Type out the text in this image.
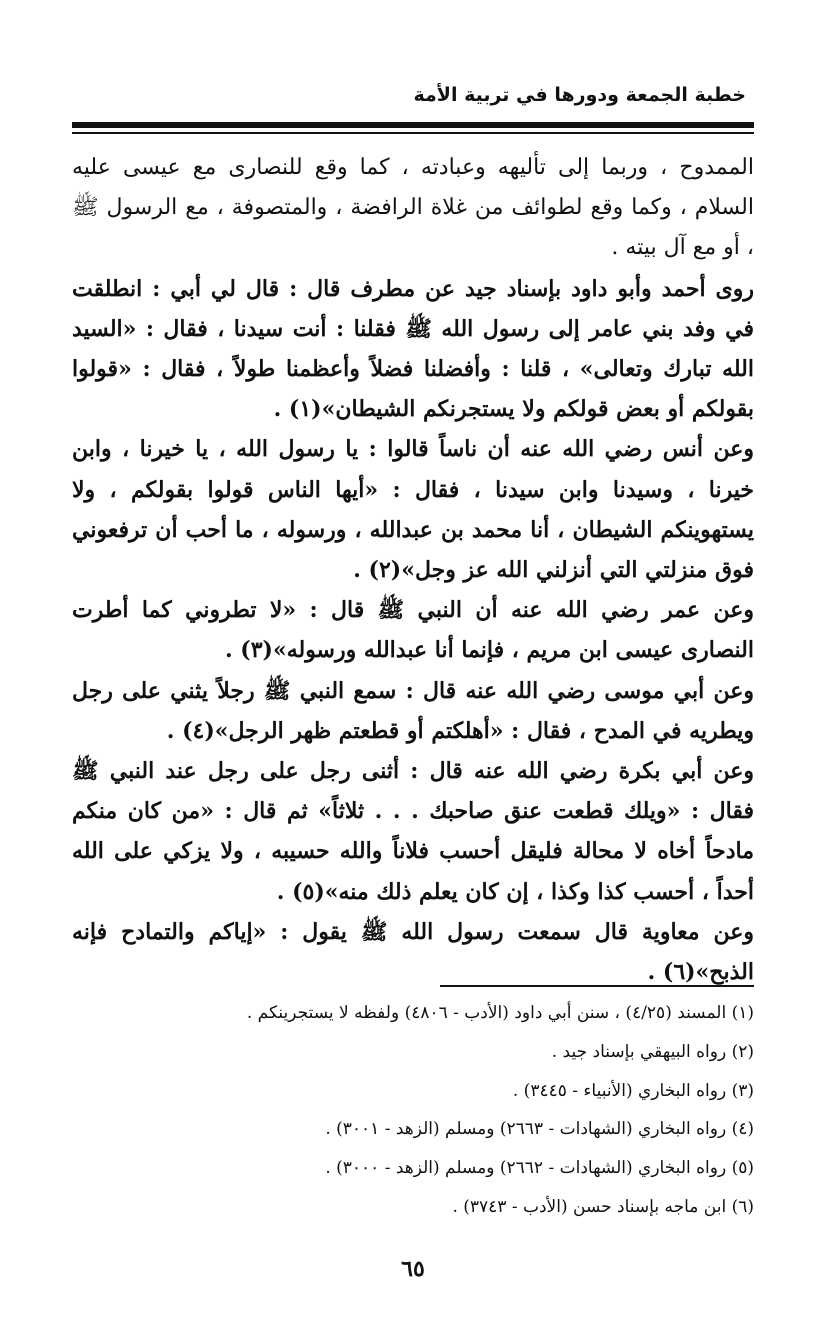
خطبة الجمعة ودورها في تربية الأمة

الممدوح ، وربما إلى تأليهه وعبادته ، كما وقع للنصارى مع عيسى عليه السلام ، وكما وقع لطوائف من غلاة الرافضة ، والمتصوفة ، مع الرسول ﷺ ، أو مع آل بيته .

روى أحمد وأبو داود بإسناد جيد عن مطرف قال : قال لي أبي : انطلقت في وفد بني عامر إلى رسول الله ﷺ فقلنا : أنت سيدنا ، فقال : «السيد الله تبارك وتعالى» ، قلنا : وأفضلنا فضلاً وأعظمنا طولاً ، فقال : «قولوا بقولكم أو بعض قولكم ولا يستجرنكم الشيطان»(١) .

وعن أنس رضي الله عنه أن ناساً قالوا : يا رسول الله ، يا خيرنا ، وابن خيرنا ، وسيدنا وابن سيدنا ، فقال : «أيها الناس قولوا بقولكم ، ولا يستهوينكم الشيطان ، أنا محمد بن عبدالله ، ورسوله ، ما أحب أن ترفعوني فوق منزلتي التي أنزلني الله عز وجل»(٢) .

وعن عمر رضي الله عنه أن النبي ﷺ قال : «لا تطروني كما أطرت النصارى عيسى ابن مريم ، فإنما أنا عبدالله ورسوله»(٣) .

وعن أبي موسى رضي الله عنه قال : سمع النبي ﷺ رجلاً يثني على رجل ويطريه في المدح ، فقال : «أهلكتم أو قطعتم ظهر الرجل»(٤) .

وعن أبي بكرة رضي الله عنه قال : أثنى رجل على رجل عند النبي ﷺ فقال : «ويلك قطعت عنق صاحبك . . . ثلاثاً» ثم قال : «من كان منكم مادحاً أخاه لا محالة فليقل أحسب فلاناً والله حسيبه ، ولا يزكي على الله أحداً ، أحسب كذا وكذا ، إن كان يعلم ذلك منه»(٥) .

وعن معاوية قال سمعت رسول الله ﷺ يقول : «إياكم والتمادح فإنه الذبح»(٦) .

(١) المسند (٤/٢٥) ، سنن أبي داود (الأدب - ٤٨٠٦) ولفظه لا يستجرينكم .
(٢) رواه البيهقي بإسناد جيد .
(٣) رواه البخاري (الأنبياء - ٣٤٤٥) .
(٤) رواه البخاري (الشهادات - ٢٦٦٣) ومسلم (الزهد - ٣٠٠١) .
(٥) رواه البخاري (الشهادات - ٢٦٦٢) ومسلم (الزهد - ٣٠٠٠) .
(٦) ابن ماجه بإسناد حسن (الأدب - ٣٧٤٣) .
٦٥
